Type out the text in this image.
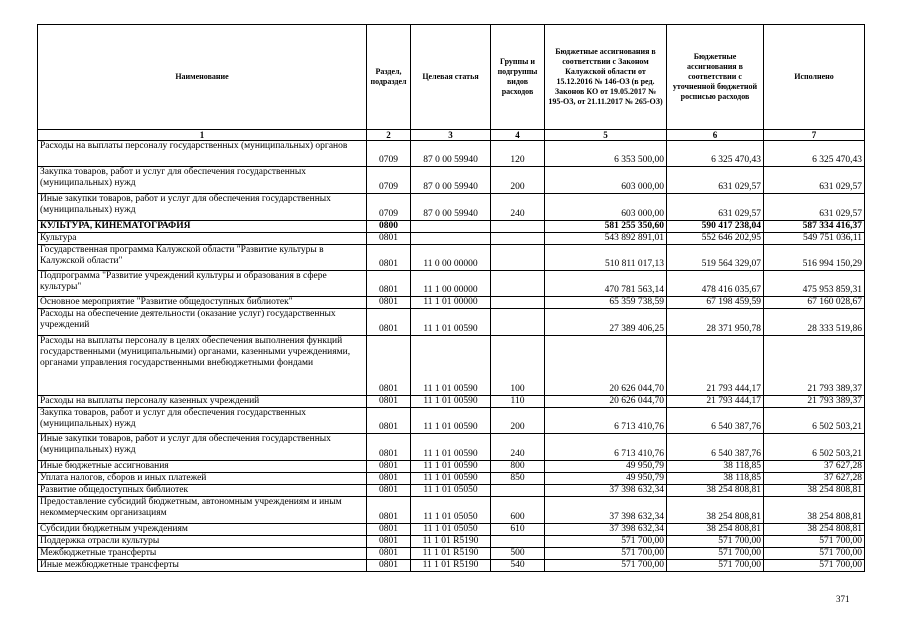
Наименование	Раздел, подраздел	Целевая статья	Группы и подгруппы видов расходов	Бюджетные ассигнования в соответствии с Законом Калужской области от 15.12.2016 № 146-ОЗ (в ред. Законов КО от 19.05.2017 № 195-ОЗ, от 21.11.2017 № 265-ОЗ)	Бюджетные ассигнования в соответствии с уточненной бюджетной росписью расходов	Исполнено
1	2	3	4	5	6	7
Расходы на выплаты персоналу государственных (муниципальных) органов	0709	87 0 00 59940	120	6 353 500,00	6 325 470,43	6 325 470,43
Закупка товаров, работ и услуг для обеспечения государственных (муниципальных) нужд	0709	87 0 00 59940	200	603 000,00	631 029,57	631 029,57
Иные закупки товаров, работ и услуг для обеспечения государственных (муниципальных) нужд	0709	87 0 00 59940	240	603 000,00	631 029,57	631 029,57
КУЛЬТУРА, КИНЕМАТОГРАФИЯ	0800			581 255 350,60	590 417 238,04	587 334 416,37
Культура	0801			543 892 891,01	552 646 202,95	549 751 036,11
Государственная программа Калужской области "Развитие культуры в Калужской области"	0801	11 0 00 00000		510 811 017,13	519 564 329,07	516 994 150,29
Подпрограмма "Развитие учреждений культуры и образования в сфере культуры"	0801	11 1 00 00000		470 781 563,14	478 416 035,67	475 953 859,31
Основное мероприятие "Развитие общедоступных библиотек"	0801	11 1 01 00000		65 359 738,59	67 198 459,59	67 160 028,67
Расходы на обеспечение деятельности (оказание услуг) государственных учреждений	0801	11 1 01 00590		27 389 406,25	28 371 950,78	28 333 519,86
Расходы на выплаты персоналу в целях обеспечения выполнения функций государственными (муниципальными) органами, казенными учреждениями, органами управления государственными внебюджетными фондами	0801	11 1 01 00590	100	20 626 044,70	21 793 444,17	21 793 389,37
Расходы на выплаты персоналу казенных учреждений	0801	11 1 01 00590	110	20 626 044,70	21 793 444,17	21 793 389,37
Закупка товаров, работ и услуг для обеспечения государственных (муниципальных) нужд	0801	11 1 01 00590	200	6 713 410,76	6 540 387,76	6 502 503,21
Иные закупки товаров, работ и услуг для обеспечения государственных (муниципальных) нужд	0801	11 1 01 00590	240	6 713 410,76	6 540 387,76	6 502 503,21
Иные бюджетные ассигнования	0801	11 1 01 00590	800	49 950,79	38 118,85	37 627,28
Уплата налогов, сборов и иных платежей	0801	11 1 01 00590	850	49 950,79	38 118,85	37 627,28
Развитие общедоступных библиотек	0801	11 1 01 05050		37 398 632,34	38 254 808,81	38 254 808,81
Предоставление субсидий бюджетным, автономным учреждениям и иным некоммерческим организациям	0801	11 1 01 05050	600	37 398 632,34	38 254 808,81	38 254 808,81
Субсидии бюджетным учреждениям	0801	11 1 01 05050	610	37 398 632,34	38 254 808,81	38 254 808,81
Поддержка отрасли культуры	0801	11 1 01 R5190		571 700,00	571 700,00	571 700,00
Межбюджетные трансферты	0801	11 1 01 R5190	500	571 700,00	571 700,00	571 700,00
Иные межбюджетные трансферты	0801	11 1 01 R5190	540	571 700,00	571 700,00	571 700,00
371
